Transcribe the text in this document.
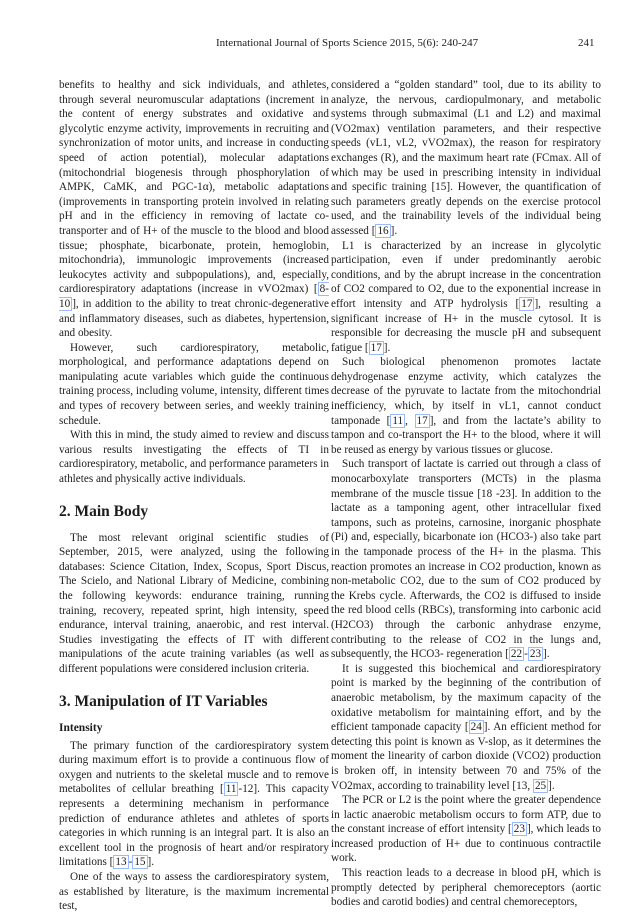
International Journal of Sports Science 2015, 5(6): 240-247	241

benefits to healthy and sick individuals, and athletes, through several neuromuscular adaptations (increment in the content of energy substrates and oxidative and glycolytic enzyme activity, improvements in recruiting and synchronization of motor units, and increase in conducting speed of action potential), molecular adaptations (mitochondrial biogenesis through phosphorylation of AMPK, CaMK, and PGC-1α), metabolic adaptations (improvements in transporting protein involved in relating pH and in the efficiency in removing of lactate co-transporter and of H+ of the muscle to the blood and blood tissue; phosphate, bicarbonate, protein, hemoglobin, mitochondria), immunologic improvements (increased leukocytes activity and subpopulations), and, especially, cardiorespiratory adaptations (increase in vVO2max) [ 8-10 ], in addition to the ability to treat chronic-degenerative and inflammatory diseases, such as diabetes, hypertension, and obesity.

However, such cardiorespiratory, metabolic, morphological, and performance adaptations depend on manipulating acute variables which guide the continuous training process, including volume, intensity, different times and types of recovery between series, and weekly training schedule.

With this in mind, the study aimed to review and discuss various results investigating the effects of TI in cardiorespiratory, metabolic, and performance parameters in athletes and physically active individuals.

2. Main Body

The most relevant original scientific studies of September, 2015, were analyzed, using the following databases: Science Citation, Index, Scopus, Sport Discus, The Scielo, and National Library of Medicine, combining the following keywords: endurance training, running training, recovery, repeated sprint, high intensity, speed endurance, interval training, anaerobic, and rest interval. Studies investigating the effects of IT with different manipulations of the acute training variables (as well as different populations were considered inclusion criteria.

3. Manipulation of IT Variables
Intensity

The primary function of the cardiorespiratory system during maximum effort is to provide a continuous flow of oxygen and nutrients to the skeletal muscle and to remove metabolites of cellular breathing [ 11 -12]. This capacity represents a determining mechanism in performance prediction of endurance athletes and athletes of sports categories in which running is an integral part. It is also an excellent tool in the prognosis of heart and/or respiratory limitations [ 13 - 15 ].

One of the ways to assess the cardiorespiratory system, as established by literature, is the maximum incremental test,

considered a “golden standard” tool, due to its ability to analyze, the nervous, cardiopulmonary, and metabolic systems through submaximal (L1 and L2) and maximal (VO2max) ventilation parameters, and their respective speeds (vL1, vL2, vVO2max), the reason for respiratory exchanges (R), and the maximum heart rate (FCmax. All of which may be used in prescribing intensity in individual and specific training [15]. However, the quantification of such parameters greatly depends on the exercise protocol used, and the trainability levels of the individual being assessed [ 16 ].

L1 is characterized by an increase in glycolytic participation, even if under predominantly aerobic conditions, and by the abrupt increase in the concentration of CO2 compared to O2, due to the exponential increase in effort intensity and ATP hydrolysis [ 17 ], resulting a significant increase of H+ in the muscle cytosol. It is responsible for decreasing the muscle pH and subsequent fatigue [ 17 ].

Such biological phenomenon promotes lactate dehydrogenase enzyme activity, which catalyzes the decrease of the pyruvate to lactate from the mitochondrial inefficiency, which, by itself in vL1, cannot conduct tamponade [ 11 , 17 ], and from the lactate’s ability to tampon and co-transport the H+ to the blood, where it will be reused as energy by various tissues or glucose.

Such transport of lactate is carried out through a class of monocarboxylate transporters (MCTs) in the plasma membrane of the muscle tissue [18 -23]. In addition to the lactate as a tamponing agent, other intracellular fixed tampons, such as proteins, carnosine, inorganic phosphate (Pi) and, especially, bicarbonate ion (HCO3-) also take part in the tamponade process of the H+ in the plasma. This reaction promotes an increase in CO2 production, known as non-metabolic CO2, due to the sum of CO2 produced by the Krebs cycle. Afterwards, the CO2 is diffused to inside the red blood cells (RBCs), transforming into carbonic acid (H2CO3) through the carbonic anhydrase enzyme, contributing to the release of CO2 in the lungs and, subsequently, the HCO3- regeneration [ 22 - 23 ].

It is suggested this biochemical and cardiorespiratory point is marked by the beginning of the contribution of anaerobic metabolism, by the maximum capacity of the oxidative metabolism for maintaining effort, and by the efficient tamponade capacity [ 24 ]. An efficient method for detecting this point is known as V-slop, as it determines the moment the linearity of carbon dioxide (VCO2) production is broken off, in intensity between 70 and 75% of the VO2max, according to trainability level [13, 25 ].

The PCR or L2 is the point where the greater dependence in lactic anaerobic metabolism occurs to form ATP, due to the constant increase of effort intensity [ 23 ], which leads to increased production of H+ due to continuous contractile work.

This reaction leads to a decrease in blood pH, which is promptly detected by peripheral chemoreceptors (aortic bodies and carotid bodies) and central chemoreceptors,
